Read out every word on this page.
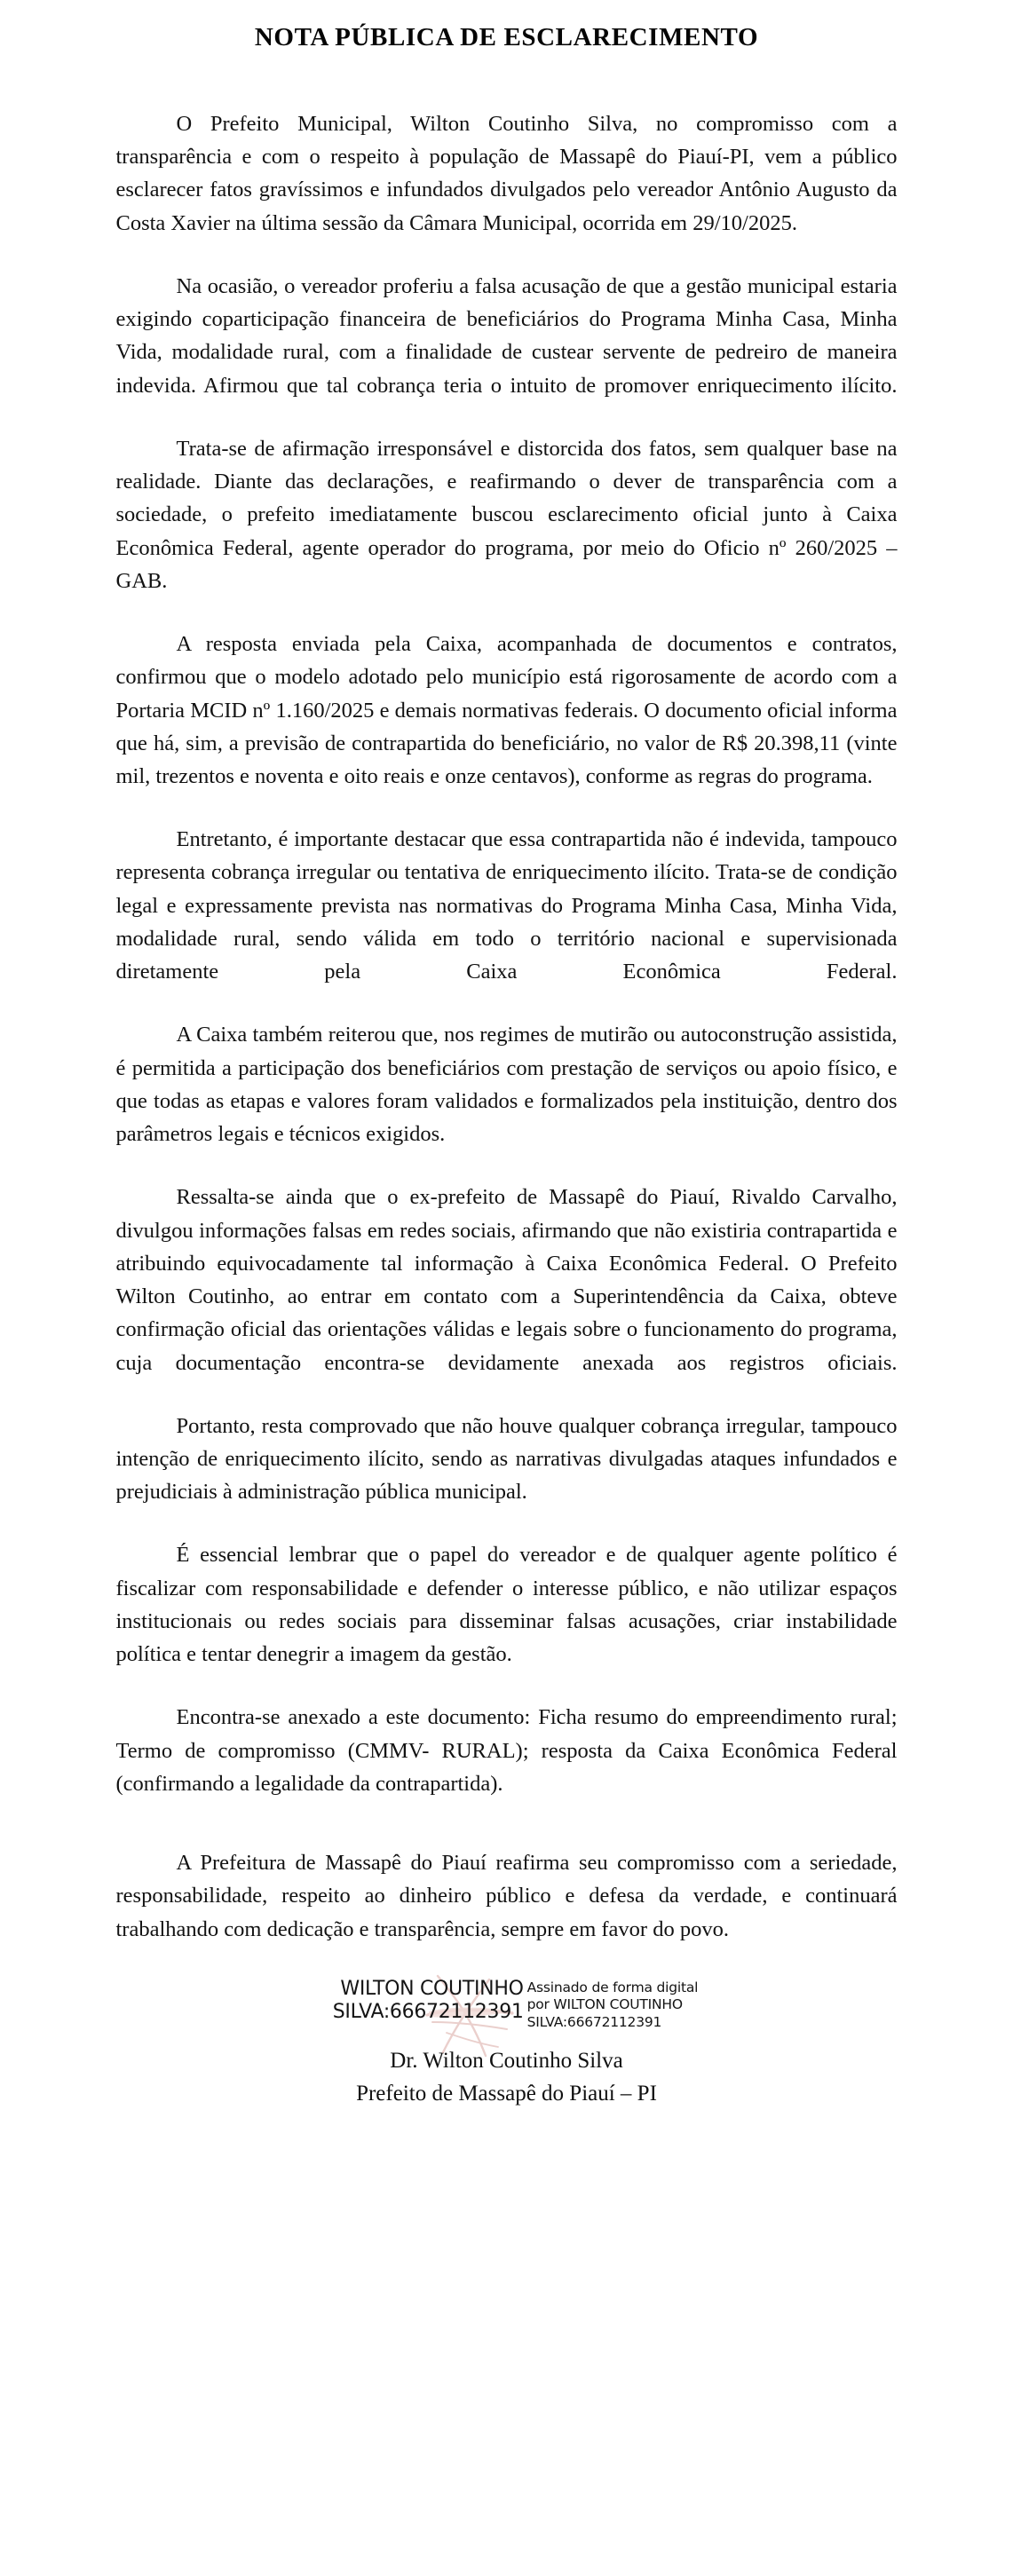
NOTA PÚBLICA DE ESCLARECIMENTO

O Prefeito Municipal, Wilton Coutinho Silva, no compromisso com a transparência e com o respeito à população de Massapê do Piauí-PI, vem a público esclarecer fatos gravíssimos e infundados divulgados pelo vereador Antônio Augusto da Costa Xavier na última sessão da Câmara Municipal, ocorrida em 29/10/2025.

Na ocasião, o vereador proferiu a falsa acusação de que a gestão municipal estaria exigindo coparticipação financeira de beneficiários do Programa Minha Casa, Minha Vida, modalidade rural, com a finalidade de custear servente de pedreiro de maneira indevida. Afirmou que tal cobrança teria o intuito de promover enriquecimento ilícito.

Trata-se de afirmação irresponsável e distorcida dos fatos, sem qualquer base na realidade. Diante das declarações, e reafirmando o dever de transparência com a sociedade, o prefeito imediatamente buscou esclarecimento oficial junto à Caixa Econômica Federal, agente operador do programa, por meio do Oficio nº 260/2025 – GAB.

A resposta enviada pela Caixa, acompanhada de documentos e contratos, confirmou que o modelo adotado pelo município está rigorosamente de acordo com a Portaria MCID nº 1.160/2025 e demais normativas federais. O documento oficial informa que há, sim, a previsão de contrapartida do beneficiário, no valor de R$ 20.398,11 (vinte mil, trezentos e noventa e oito reais e onze centavos), conforme as regras do programa.

Entretanto, é importante destacar que essa contrapartida não é indevida, tampouco representa cobrança irregular ou tentativa de enriquecimento ilícito. Trata-se de condição legal e expressamente prevista nas normativas do Programa Minha Casa, Minha Vida, modalidade rural, sendo válida em todo o território nacional e supervisionada diretamente pela Caixa Econômica Federal.

A Caixa também reiterou que, nos regimes de mutirão ou autoconstrução assistida, é permitida a participação dos beneficiários com prestação de serviços ou apoio físico, e que todas as etapas e valores foram validados e formalizados pela instituição, dentro dos parâmetros legais e técnicos exigidos.

Ressalta-se ainda que o ex-prefeito de Massapê do Piauí, Rivaldo Carvalho, divulgou informações falsas em redes sociais, afirmando que não existiria contrapartida e atribuindo equivocadamente tal informação à Caixa Econômica Federal. O Prefeito Wilton Coutinho, ao entrar em contato com a Superintendência da Caixa, obteve confirmação oficial das orientações válidas e legais sobre o funcionamento do programa, cuja documentação encontra-se devidamente anexada aos registros oficiais.

Portanto, resta comprovado que não houve qualquer cobrança irregular, tampouco intenção de enriquecimento ilícito, sendo as narrativas divulgadas ataques infundados e prejudiciais à administração pública municipal.

É essencial lembrar que o papel do vereador e de qualquer agente político é fiscalizar com responsabilidade e defender o interesse público, e não utilizar espaços institucionais ou redes sociais para disseminar falsas acusações, criar instabilidade política e tentar denegrir a imagem da gestão.

Encontra-se anexado a este documento: Ficha resumo do empreendimento rural; Termo de compromisso (CMMV- RURAL); resposta da Caixa Econômica Federal (confirmando a legalidade da contrapartida).

A Prefeitura de Massapê do Piauí reafirma seu compromisso com a seriedade, responsabilidade, respeito ao dinheiro público e defesa da verdade, e continuará trabalhando com dedicação e transparência, sempre em favor do povo.

WILTON COUTINHO
SILVA:66672112391
Assinado de forma digital
por WILTON COUTINHO
SILVA:66672112391
Dr. Wilton Coutinho Silva
Prefeito de Massapê do Piauí – PI
